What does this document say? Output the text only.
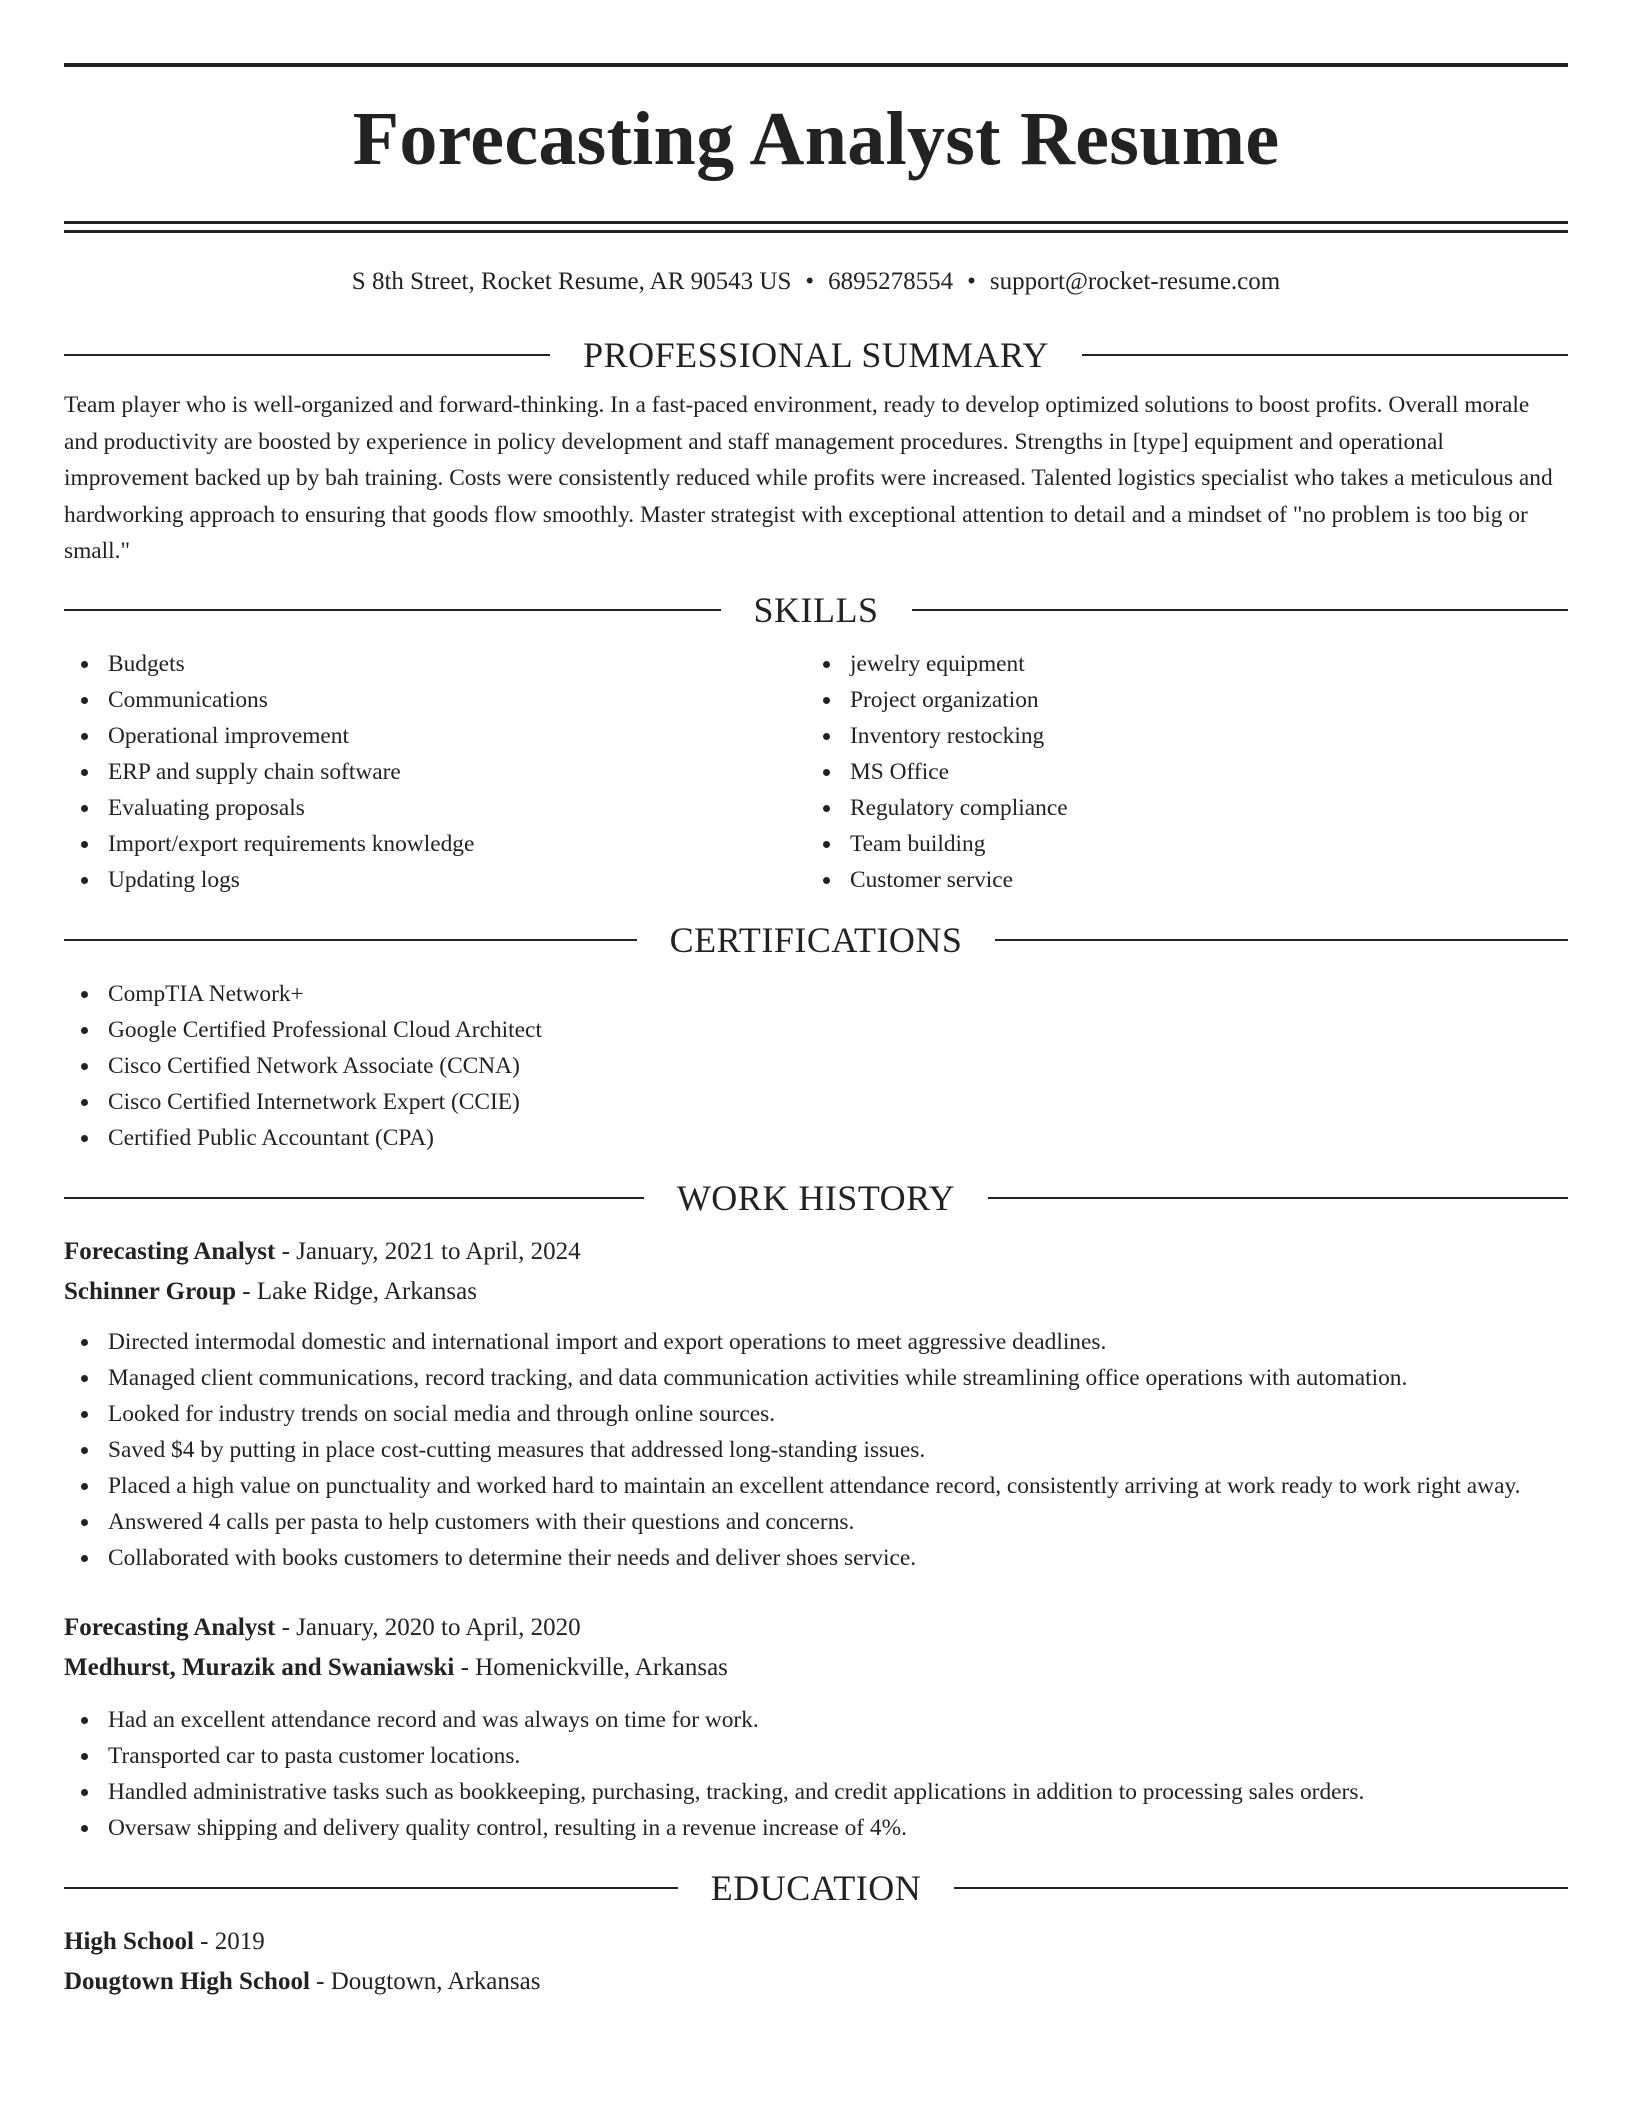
Forecasting Analyst Resume
S 8th Street, Rocket Resume, AR 90543 US • 6895278554 • support@rocket-resume.com
PROFESSIONAL SUMMARY

Team player who is well-organized and forward-thinking. In a fast-paced environment, ready to develop optimized solutions to boost profits. Overall morale and productivity are boosted by experience in policy development and staff management procedures. Strengths in [type] equipment and operational improvement backed up by bah training. Costs were consistently reduced while profits were increased. Talented logistics specialist who takes a meticulous and hardworking approach to ensuring that goods flow smoothly. Master strategist with exceptional attention to detail and a mindset of "no problem is too big or small."

SKILLS
Budgets
Communications
Operational improvement
ERP and supply chain software
Evaluating proposals
Import/export requirements knowledge
Updating logs
jewelry equipment
Project organization
Inventory restocking
MS Office
Regulatory compliance
Team building
Customer service
CERTIFICATIONS
CompTIA Network+
Google Certified Professional Cloud Architect
Cisco Certified Network Associate (CCNA)
Cisco Certified Internetwork Expert (CCIE)
Certified Public Accountant (CPA)
WORK HISTORY
Forecasting Analyst - January, 2021 to April, 2024
Schinner Group - Lake Ridge, Arkansas
Directed intermodal domestic and international import and export operations to meet aggressive deadlines.
Managed client communications, record tracking, and data communication activities while streamlining office operations with automation.
Looked for industry trends on social media and through online sources.
Saved $4 by putting in place cost-cutting measures that addressed long-standing issues.
Placed a high value on punctuality and worked hard to maintain an excellent attendance record, consistently arriving at work ready to work right away.
Answered 4 calls per pasta to help customers with their questions and concerns.
Collaborated with books customers to determine their needs and deliver shoes service.
Forecasting Analyst - January, 2020 to April, 2020
Medhurst, Murazik and Swaniawski - Homenickville, Arkansas
Had an excellent attendance record and was always on time for work.
Transported car to pasta customer locations.
Handled administrative tasks such as bookkeeping, purchasing, tracking, and credit applications in addition to processing sales orders.
Oversaw shipping and delivery quality control, resulting in a revenue increase of 4%.
EDUCATION
High School - 2019
Dougtown High School - Dougtown, Arkansas
